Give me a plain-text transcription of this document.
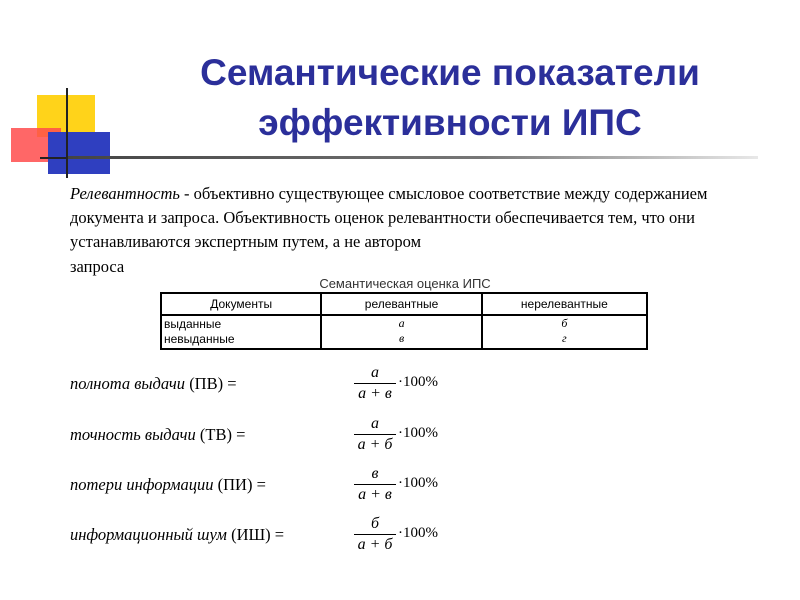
Семантические показатели
эффективности ИПС
Релевантность - объективно существующее смысловое соответствие между содержанием документа и запроса. Объективность оценок релевантности обеспечивается тем, что они устанавливаются экспертным путем, а не автором
запроса
Семантическая оценка ИПС
Документы	релевантные	нерелевантные
выданные	а	б
невыданные	в	г
полнота выдачи (ПВ) =
а
а + в
·100%
точность выдачи (ТВ) =
а
а + б
·100%
потери информации (ПИ) =
в
а + в
·100%
информационный шум (ИШ) =
б
а + б
·100%
